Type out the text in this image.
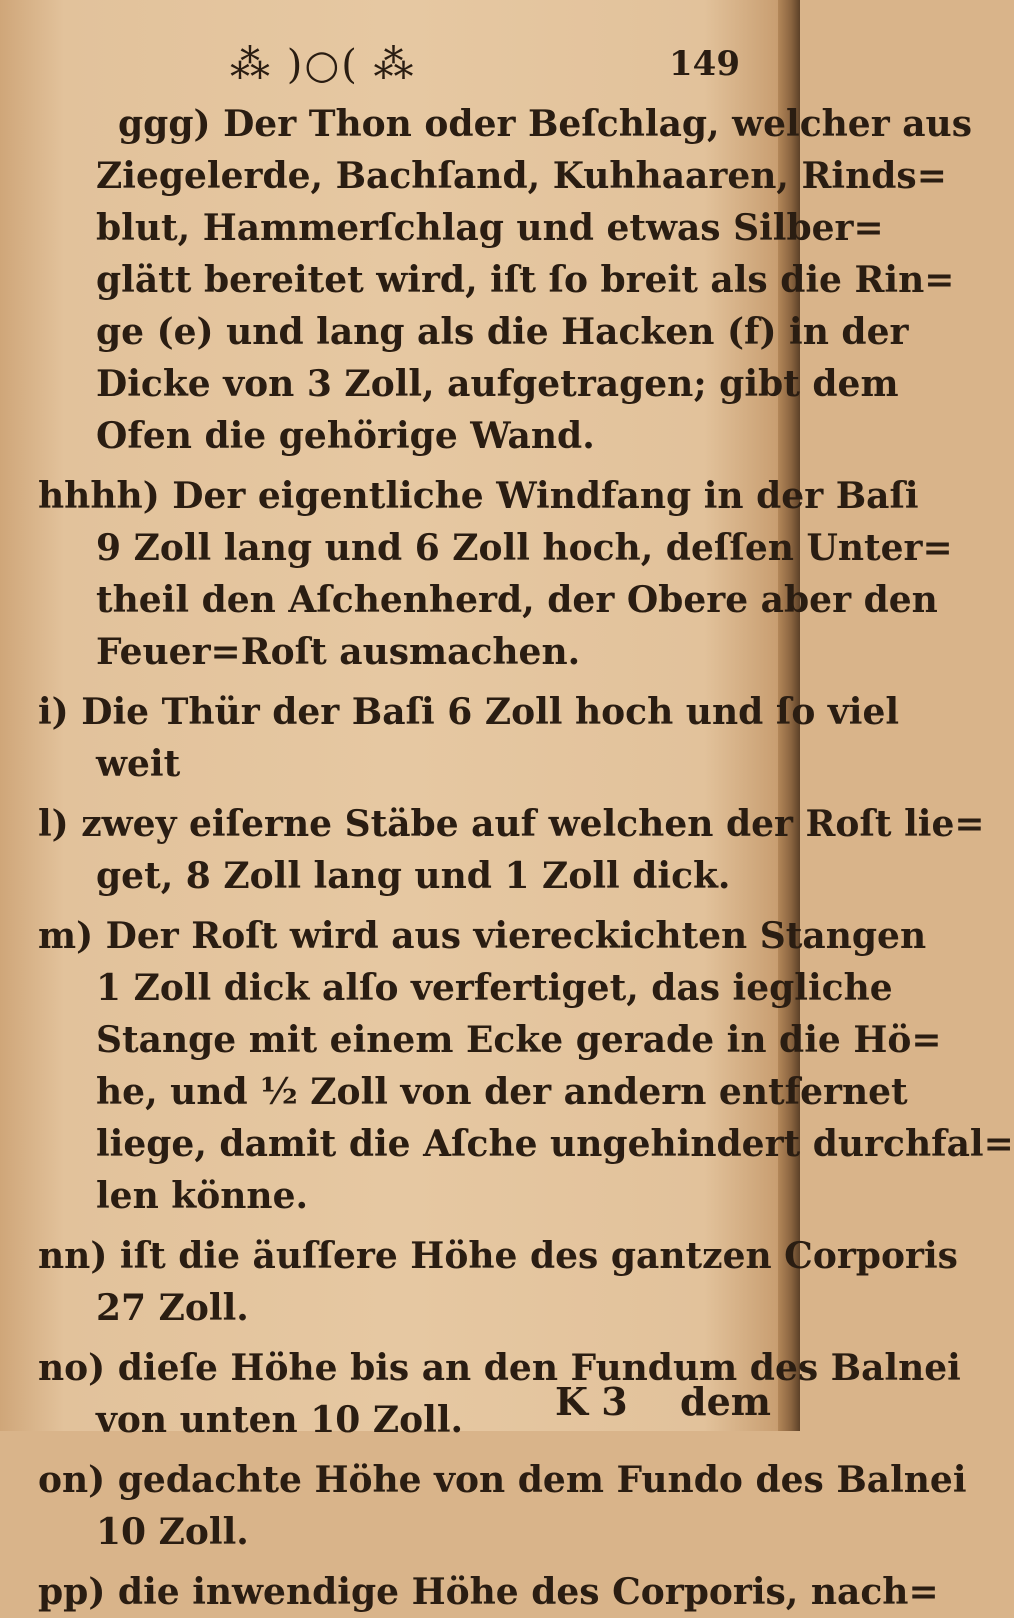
⁂ )○( ⁂	149
ggg) Der Thon oder Beſchlag, welcher aus
Ziegelerde, Bachſand, Kuhhaaren, Rinds=
blut, Hammerſchlag und etwas Silber=
glätt bereitet wird, iſt ſo breit als die Rin=
ge (e) und lang als die Hacken (f) in der
Dicke von 3 Zoll, aufgetragen; gibt dem
Ofen die gehörige Wand.
hhhh) Der eigentliche Windfang in der Baſi
9 Zoll lang und 6 Zoll hoch, deſſen Unter=
theil den Aſchenherd, der Obere aber den
Feuer=Roſt ausmachen.
i) Die Thür der Baſi 6 Zoll hoch und ſo viel
weit
l) zwey eiſerne Stäbe auf welchen der Roſt lie=
get, 8 Zoll lang und 1 Zoll dick.
m) Der Roſt wird aus viereckichten Stangen
1 Zoll dick alſo verfertiget, das iegliche
Stange mit einem Ecke gerade in die Hö=
he, und ½ Zoll von der andern entfernet
liege, damit die Aſche ungehindert durchfal=
len könne.
nn) iſt die äuſſere Höhe des gantzen Corporis
27 Zoll.
no) dieſe Höhe bis an den Fundum des Balnei
von unten 10 Zoll.
on) gedachte Höhe von dem Fundo des Balnei
10 Zoll.
pp) die inwendige Höhe des Corporis, nach=
K 3 dem
